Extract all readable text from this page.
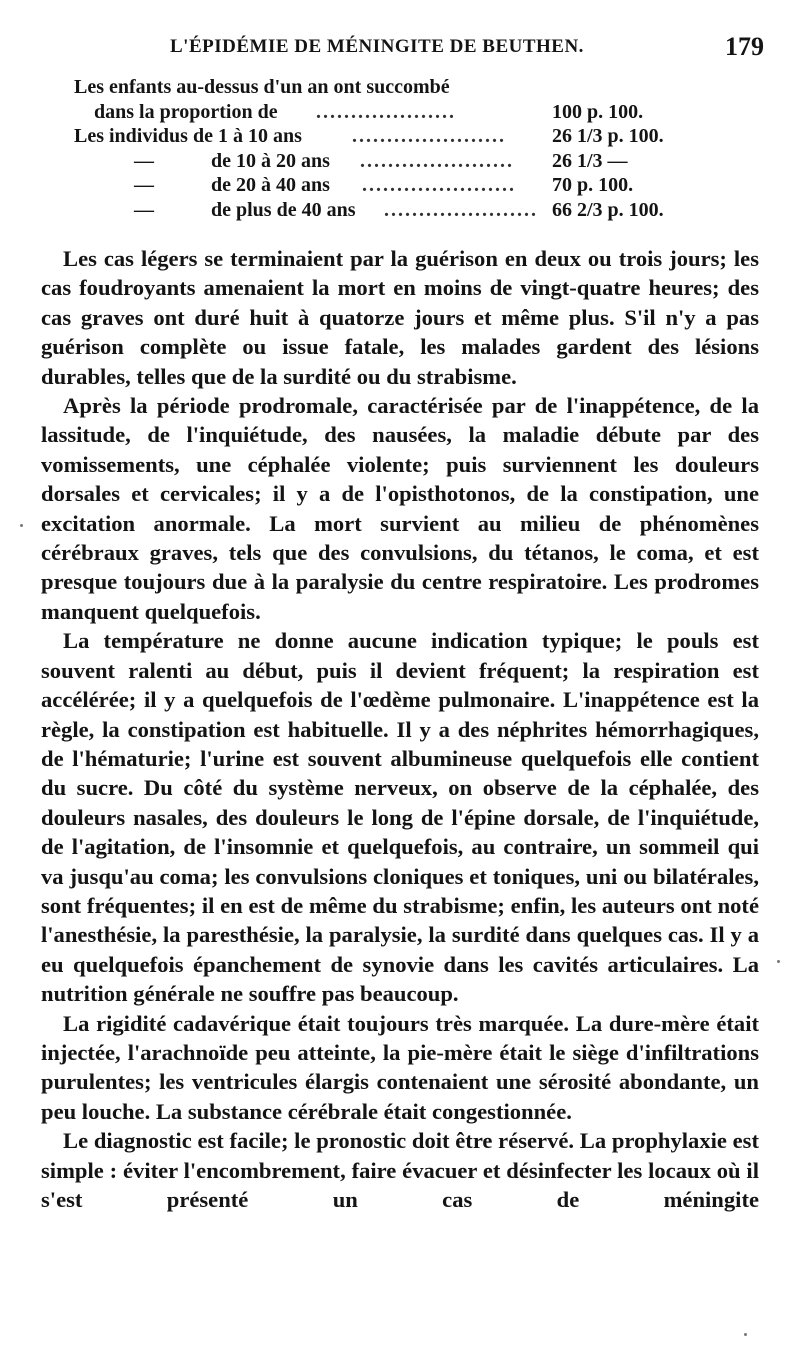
L'ÉPIDÉMIE DE MÉNINGITE DE BEUTHEN.	179
Les enfants au-dessus d'un an ont succombé
dans la proportion de ....................	100 p. 100.
Les individus de 1 à 10 ans	...................... 26 1/3 p. 100.
—	de 10 à 20 ans ...................... 26 1/3 —
—	de 20 à 40 ans ...................... 70 p. 100.
—	de plus de 40 ans ...................... 66 2/3 p. 100.

Les cas légers se terminaient par la guérison en deux ou trois jours; les cas foudroyants amenaient la mort en moins de vingt-quatre heures; des cas graves ont duré huit à quatorze jours et même plus. S'il n'y a pas guérison complète ou issue fatale, les malades gardent des lésions durables, telles que de la surdité ou du strabisme.

Après la période prodromale, caractérisée par de l'inappétence, de la lassitude, de l'inquiétude, des nausées, la maladie débute par des vomissements, une céphalée violente; puis surviennent les douleurs dorsales et cervicales; il y a de l'opisthotonos, de la constipation, une excitation anormale. La mort survient au milieu de phénomènes cérébraux graves, tels que des convulsions, du tétanos, le coma, et est presque toujours due à la paralysie du centre respiratoire. Les prodromes manquent quelquefois.

La température ne donne aucune indication typique; le pouls est souvent ralenti au début, puis il devient fréquent; la respiration est accélérée; il y a quelquefois de l'œdème pulmonaire. L'inappétence est la règle, la constipation est habituelle. Il y a des néphrites hémorrhagiques, de l'hématurie; l'urine est souvent albumineuse quelquefois elle contient du sucre. Du côté du système nerveux, on observe de la céphalée, des douleurs nasales, des douleurs le long de l'épine dorsale, de l'inquiétude, de l'agitation, de l'insomnie et quelquefois, au contraire, un sommeil qui va jusqu'au coma; les convulsions cloniques et toniques, uni ou bilatérales, sont fréquentes; il en est de même du strabisme; enfin, les auteurs ont noté l'anesthésie, la paresthésie, la paralysie, la surdité dans quelques cas. Il y a eu quelquefois épanchement de synovie dans les cavités articulaires. La nutrition générale ne souffre pas beaucoup.

La rigidité cadavérique était toujours très marquée. La dure-mère était injectée, l'arachnoïde peu atteinte, la pie-mère était le siège d'infiltrations purulentes; les ventricules élargis contenaient une sérosité abondante, un peu louche. La substance cérébrale était congestionnée.

Le diagnostic est facile; le pronostic doit être réservé. La prophylaxie est simple : éviter l'encombrement, faire évacuer et désinfecter les locaux où il s'est présenté un cas de méningite
